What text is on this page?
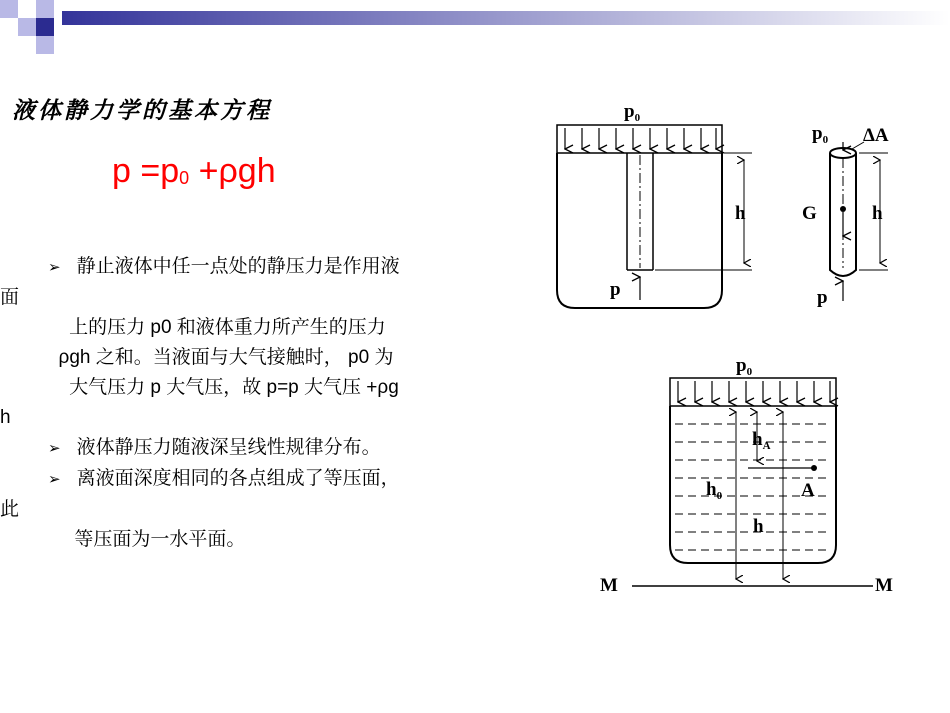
液体静力学的基本方程
$p =p_0 +\rho gh$
➢ 静止液体中任一点处的静压力是作用液
面
上的压力 p0 和液体重力所产生的压力
ρgh 之和。当液面与大气接触时， p0 为
大气压力 p 大气压，故 p=p 大气压 +ρg
h
➢ 液体静压力随液深呈线性规律分布。
➢ 离液面深度相同的各点组成了等压面，
此
等压面为一水平面。
$p_0$
h
p
$p_0$ ΔA
G	h
p
$p_0$
$h_A$
$h_0$	A
h
M	M
